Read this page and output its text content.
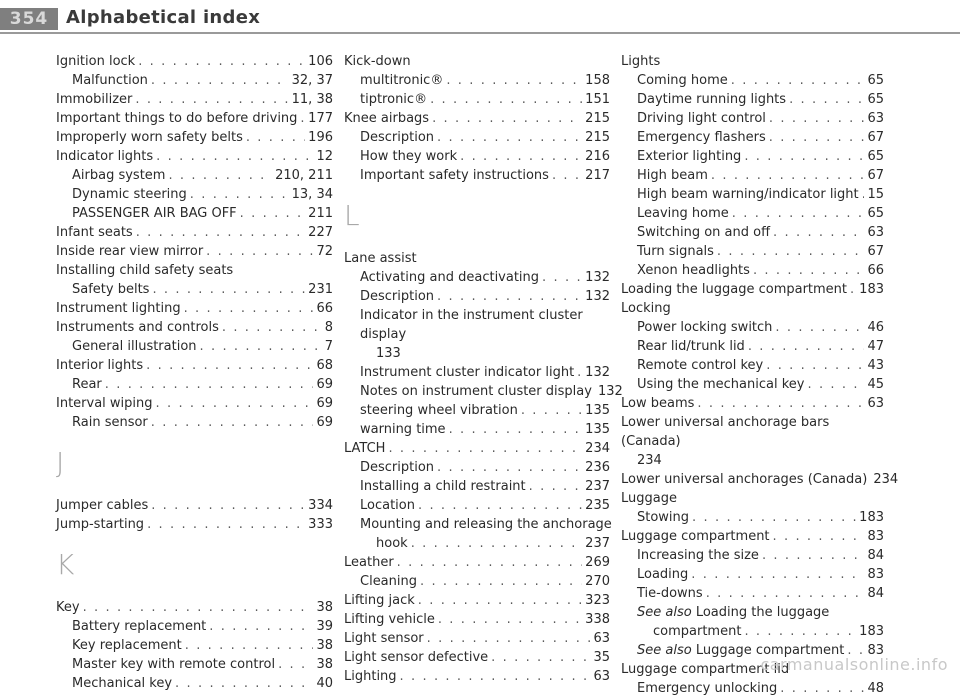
354 Alphabetical index
Ignition lock . . .	106
Malfunction . . .	32, 37
Immobilizer . . .	11, 38
Important things to do before driving . . . 177
Improperly worn safety belts . . .	196
Indicator lights . . .	12
Airbag system . . .	210, 211
Dynamic steering . . .	13, 34
PASSENGER AIR BAG OFF . . .	211
Infant seats . . .	227
Inside rear view mirror . . .	72
Installing child safety seats
Safety belts . . .	231
Instrument lighting . . .	66
Instruments and controls . . .	8
General illustration . . .	7
Interior lights . . .	68
Rear . . .	69
Interval wiping . . .	69
Rain sensor . . .	69
J
Jumper cables . . .	334
Jump-starting . . .	333
K
Key . . .	38
Battery replacement . . .	39
Key replacement . . .	38
Master key with remote control . . .	38
Mechanical key . . .	40
Kick-down
multitronic® . . .	158
tiptronic® . . .	151
Knee airbags . . .	215
Description . . .	215
How they work . . .	216
Important safety instructions . . .	217
L
Lane assist
Activating and deactivating . . .	132
Description . . .	132
Indicator in the instrument cluster display
133
Instrument cluster indicator light . . . 132
Notes on instrument cluster display 132
steering wheel vibration . . .	135
warning time . . .	135
LATCH . . .	234
Description . . .	236
Installing a child restraint . . .	237
Location . . .	235
Mounting and releasing the anchorage
hook . . .	237
Leather . . .	269
Cleaning . . .	270
Lifting jack . . .	323
Lifting vehicle . . .	338
Light sensor . . .	63
Light sensor defective . . .	35
Lighting . . .	63
Lights
Coming home . . .	65
Daytime running lights . . .	65
Driving light control . . .	63
Emergency flashers . . .	67
Exterior lighting . . .	65
High beam . . .	67
High beam warning/indicator light . . . 15
Leaving home . . .	65
Switching on and off . . .	63
Turn signals . . .	67
Xenon headlights . . .	66
Loading the luggage compartment . . . 183
Locking
Power locking switch . . .	46
Rear lid/trunk lid . . .	47
Remote control key . . .	43
Using the mechanical key . . .	45
Low beams . . .	63
Lower universal anchorage bars (Canada)
234
Lower universal anchorages (Canada) 234
Luggage
Stowing . . .	183
Luggage compartment . . .	83
Increasing the size . . .	84
Loading . . .	83
Tie-downs . . .	84
See also Loading the luggage
compartment . . .	183
See also Luggage compartment . . . 83
Luggage compartment lid
Emergency unlocking . . .	48
carmanualsonline.info
